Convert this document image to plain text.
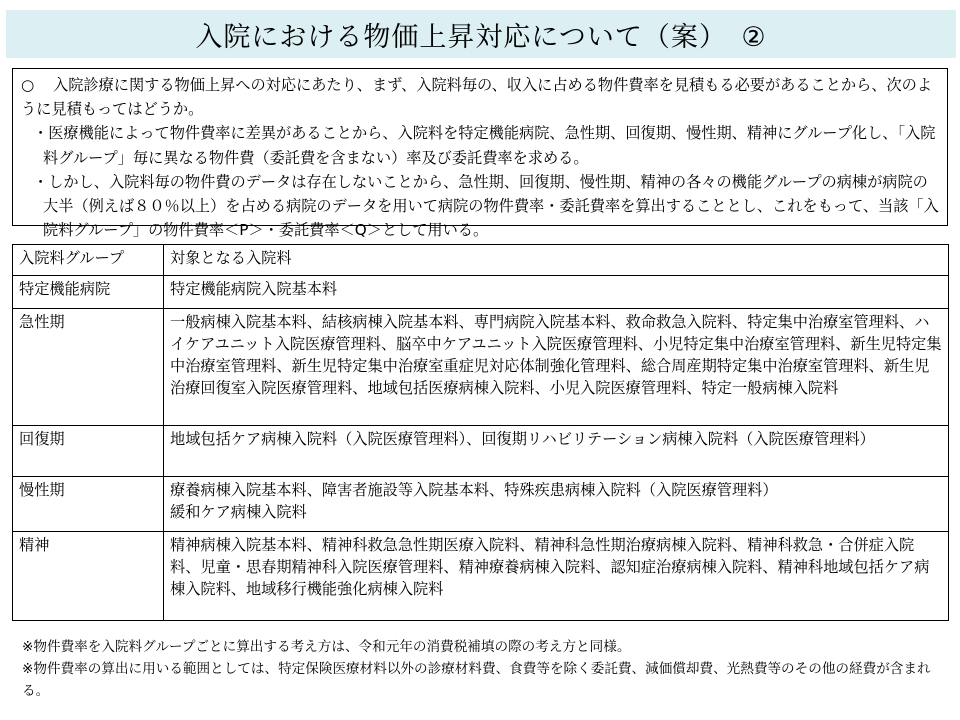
入院における物価上昇対応について（案）　②

○ 入院診療に関する物価上昇への対応にあたり、まず、入院料毎の、収入に占める物件費率を見積もる必要があることから、次のように見積もってはどうか。

・医療機能によって物件費率に差異があることから、入院料を特定機能病院、急性期、回復期、慢性期、精神にグループ化し、「入院料グループ」毎に異なる物件費（委託費を含まない）率及び委託費率を求める。

・しかし、入院料毎の物件費のデータは存在しないことから、急性期、回復期、慢性期、精神の各々の機能グループの病棟が病院の大半（例えば８０％以上）を占める病院のデータを用いて病院の物件費率・委託費率を算出することとし、これをもって、当該「入院料グループ」の物件費率＜P＞・委託費率＜Q＞として用いる。

入院料グループ	対象となる入院料
特定機能病院	特定機能病院入院基本料
急性期	一般病棟入院基本料、結核病棟入院基本料、専門病院入院基本料、救命救急入院料、特定集中治療室管理料、ハイケアユニット入院医療管理料、脳卒中ケアユニット入院医療管理料、小児特定集中治療室管理料、新生児特定集中治療室管理料、新生児特定集中治療室重症児対応体制強化管理料、総合周産期特定集中治療室管理料、新生児治療回復室入院医療管理料、地域包括医療病棟入院料、小児入院医療管理料、特定一般病棟入院料
回復期	地域包括ケア病棟入院料（入院医療管理料）、回復期リハビリテーション病棟入院料（入院医療管理料）
慢性期	療養病棟入院基本料、障害者施設等入院基本料、特殊疾患病棟入院料（入院医療管理料）
緩和ケア病棟入院料

精神	精神病棟入院基本料、精神科救急急性期医療入院料、精神科急性期治療病棟入院料、精神科救急・合併症入院料、児童・思春期精神科入院医療管理料、精神療養病棟入院料、認知症治療病棟入院料、精神科地域包括ケア病棟入院料、地域移行機能強化病棟入院料

※物件費率を入院料グループごとに算出する考え方は、令和元年の消費税補填の際の考え方と同様。

※物件費率の算出に用いる範囲としては、特定保険医療材料以外の診療材料費、食費等を除く委託費、減価償却費、光熱費等のその他の経費が含まれる。
